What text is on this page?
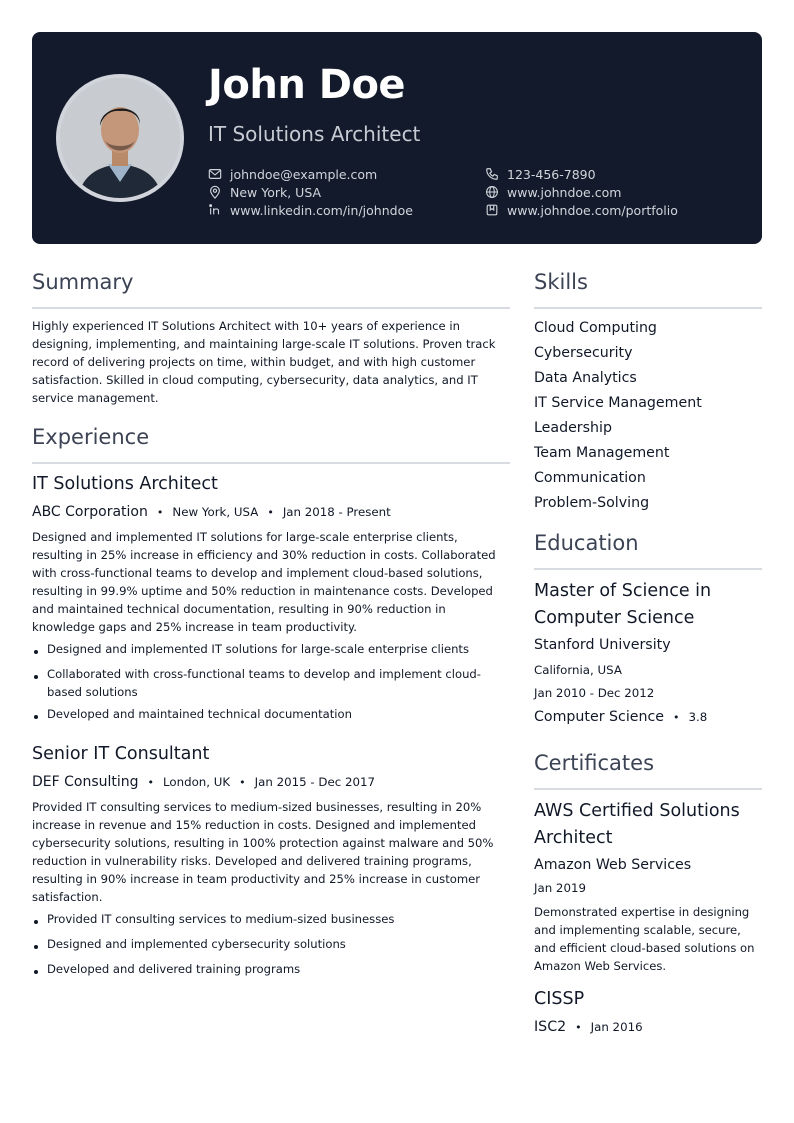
John Doe
IT Solutions Architect
johndoe@example.com	123-456-7890
New York, USA	www.johndoe.com
www.linkedin.com/in/johndoe	www.johndoe.com/portfolio
Summary
Highly experienced IT Solutions Architect with 10+ years of experience in designing, implementing, and maintaining large-scale IT solutions. Proven track record of delivering projects on time, within budget, and with high customer satisfaction. Skilled in cloud computing, cybersecurity, data analytics, and IT service management.
Experience
IT Solutions Architect
ABC Corporation • New York, USA • Jan 2018 - Present
Designed and implemented IT solutions for large-scale enterprise clients, resulting in 25% increase in efficiency and 30% reduction in costs. Collaborated with cross-functional teams to develop and implement cloud-based solutions, resulting in 99.9% uptime and 50% reduction in maintenance costs. Developed and maintained technical documentation, resulting in 90% reduction in knowledge gaps and 25% increase in team productivity.
Designed and implemented IT solutions for large-scale enterprise clients
Collaborated with cross-functional teams to develop and implement cloud-based solutions
Developed and maintained technical documentation
Senior IT Consultant
DEF Consulting • London, UK • Jan 2015 - Dec 2017
Provided IT consulting services to medium-sized businesses, resulting in 20% increase in revenue and 15% reduction in costs. Designed and implemented cybersecurity solutions, resulting in 100% protection against malware and 50% reduction in vulnerability risks. Developed and delivered training programs, resulting in 90% increase in team productivity and 25% increase in customer satisfaction.
Provided IT consulting services to medium-sized businesses
Designed and implemented cybersecurity solutions
Developed and delivered training programs
Skills
Cloud Computing
Cybersecurity
Data Analytics
IT Service Management
Leadership
Team Management
Communication
Problem-Solving
Education
Master of Science in Computer Science
Stanford University
California, USA
Jan 2010 - Dec 2012
Computer Science • 3.8
Certificates
AWS Certified Solutions Architect
Amazon Web Services
Jan 2019
Demonstrated expertise in designing and implementing scalable, secure, and efficient cloud-based solutions on Amazon Web Services.
CISSP
ISC2 • Jan 2016
